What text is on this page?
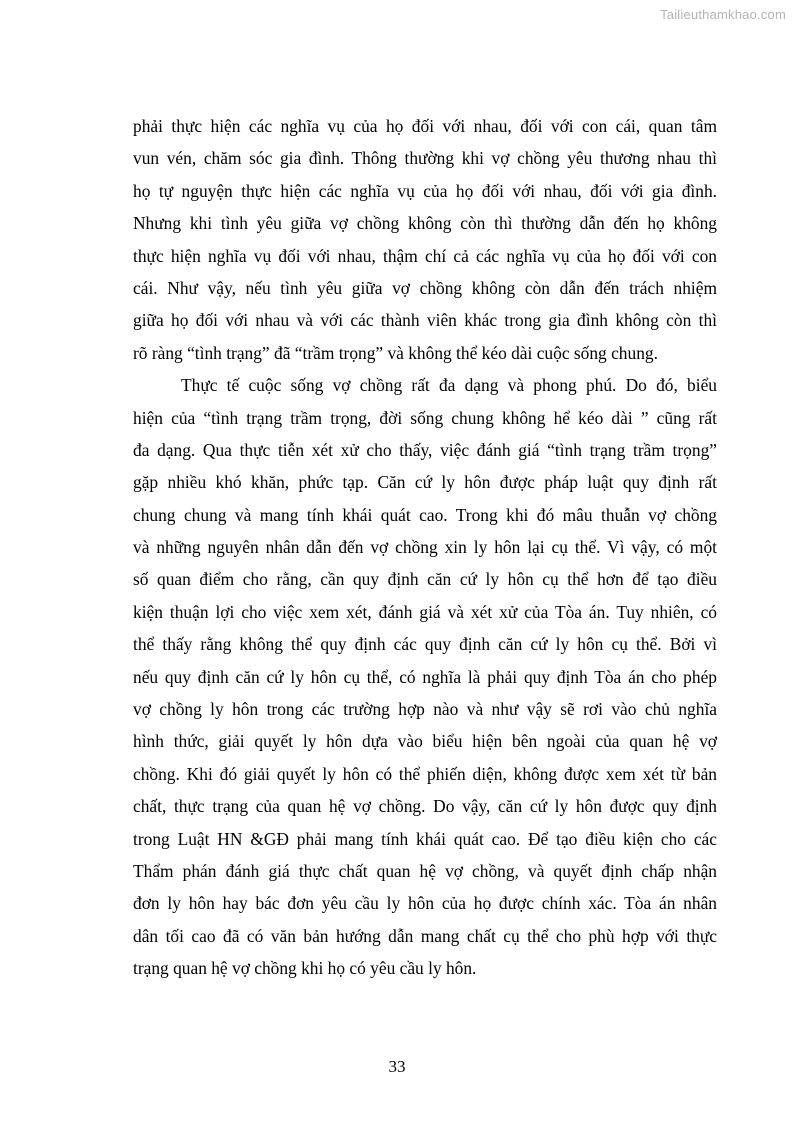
Tailieuthamkhao.com
phải thực hiện các nghĩa vụ của họ đối với nhau, đối với con cái, quan tâm
vun vén, chăm sóc gia đình. Thông thường khi vợ chồng yêu thương nhau thì
họ tự nguyện thực hiện các nghĩa vụ của họ đối với nhau, đối với gia đình.
Nhưng khi tình yêu giữa vợ chồng không còn thì thường dẫn đến họ không
thực hiện nghĩa vụ đối với nhau, thậm chí cả các nghĩa vụ của họ đối với con
cái. Như vậy, nếu tình yêu giữa vợ chồng không còn dẫn đến trách nhiệm
giữa họ đối với nhau và với các thành viên khác trong gia đình không còn thì
rõ ràng “tình trạng” đã “trầm trọng” và không thể kéo dài cuộc sống chung.
Thực tế cuộc sống vợ chồng rất đa dạng và phong phú. Do đó, biểu
hiện của “tình trạng trầm trọng, đời sống chung không hể kéo dài ” cũng rất
đa dạng. Qua thực tiễn xét xử cho thấy, việc đánh giá “tình trạng trầm trọng”
gặp nhiều khó khăn, phức tạp. Căn cứ ly hôn được pháp luật quy định rất
chung chung và mang tính khái quát cao. Trong khi đó mâu thuẫn vợ chồng
và những nguyên nhân dẫn đến vợ chồng xin ly hôn lại cụ thể. Vì vậy, có một
số quan điểm cho rằng, cần quy định căn cứ ly hôn cụ thể hơn để tạo điều
kiện thuận lợi cho việc xem xét, đánh giá và xét xử của Tòa án. Tuy nhiên, có
thể thấy rằng không thể quy định các quy định căn cứ ly hôn cụ thể. Bởi vì
nếu quy định căn cứ ly hôn cụ thể, có nghĩa là phải quy định Tòa án cho phép
vợ chồng ly hôn trong các trường hợp nào và như vậy sẽ rơi vào chủ nghĩa
hình thức, giải quyết ly hôn dựa vào biểu hiện bên ngoài của quan hệ vợ
chồng. Khi đó giải quyết ly hôn có thể phiến diện, không được xem xét từ bản
chất, thực trạng của quan hệ vợ chồng. Do vậy, căn cứ ly hôn được quy định
trong Luật HN &GĐ phải mang tính khái quát cao. Để tạo điều kiện cho các
Thẩm phán đánh giá thực chất quan hệ vợ chồng, và quyết định chấp nhận
đơn ly hôn hay bác đơn yêu cầu ly hôn của họ được chính xác. Tòa án nhân
dân tối cao đã có văn bản hướng dẫn mang chất cụ thể cho phù hợp với thực
trạng quan hệ vợ chồng khi họ có yêu cầu ly hôn.
33
